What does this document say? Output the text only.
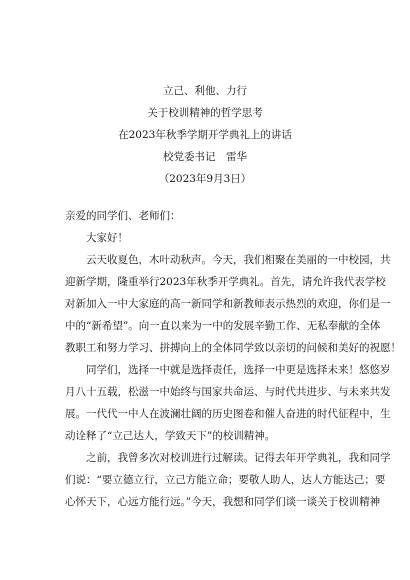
立己、利他、力行
关于校训精神的哲学思考
在2023年秋季学期开学典礼上的讲话
校党委书记　雷华
（2023年9月3日）
亲爱的同学们、老师们：
大家好！
云天收夏色，木叶动秋声。今天，我们相聚在美丽的一中校园，共
迎新学期，隆重举行2023年秋季开学典礼。首先，请允许我代表学校
对新加入一中大家庭的高一新同学和新教师表示热烈的欢迎，你们是一
中的“新希望”。向一直以来为一中的发展辛勤工作、无私奉献的全体
教职工和努力学习、拼搏向上的全体同学致以亲切的问候和美好的祝愿！
同学们，选择一中就是选择责任，选择一中更是选择未来！悠悠岁
月八十五载，松滋一中始终与国家共命运、与时代共进步、与未来共发
展。一代代一中人在波澜壮阔的历史图卷和催人奋进的时代征程中，生
动诠释了“立己达人，学致天下”的校训精神。
之前，我曾多次对校训进行过解读。记得去年开学典礼，我和同学
们说：“要立德立行，立己方能立命；要敬人助人，达人方能达己；要
心怀天下，心远方能行远。”今天，我想和同学们谈一谈关于校训精神
